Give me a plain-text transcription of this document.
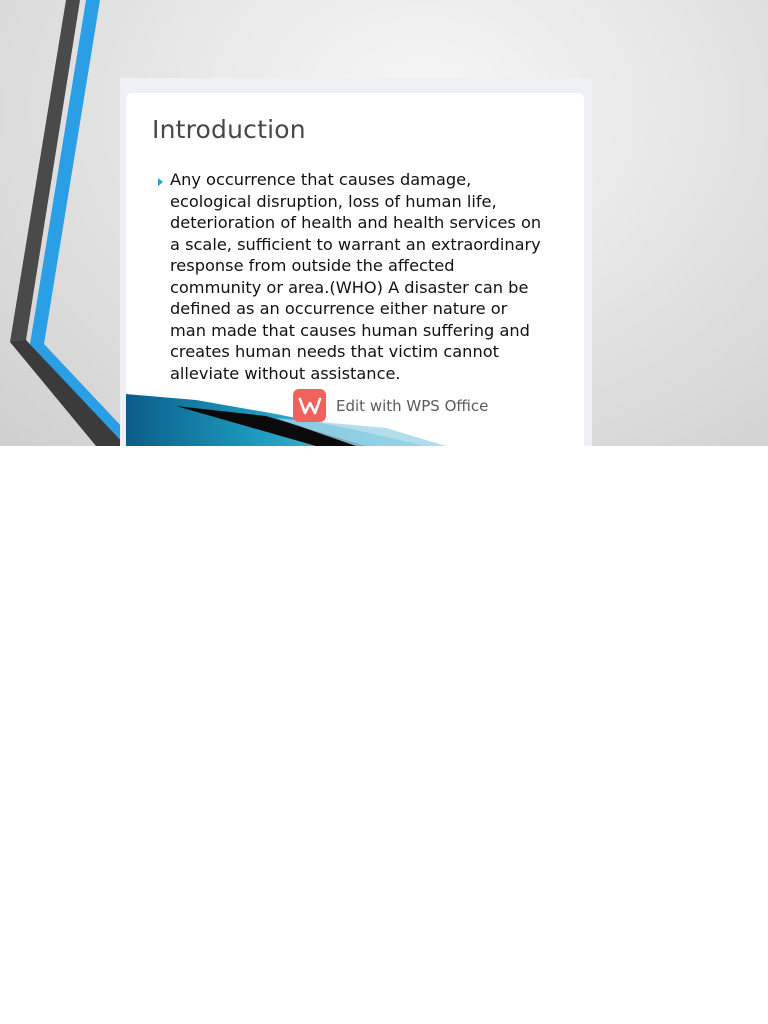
Introduction

Any occurrence that causes damage,
ecological disruption, loss of human life,
deterioration of health and health services on
a scale, sufficient to warrant an extraordinary
response from outside the affected
community or area.(WHO) A disaster can be
defined as an occurrence either nature or
man made that causes human suffering and
creates human needs that victim cannot
alleviate without assistance.

Edit with WPS Office
